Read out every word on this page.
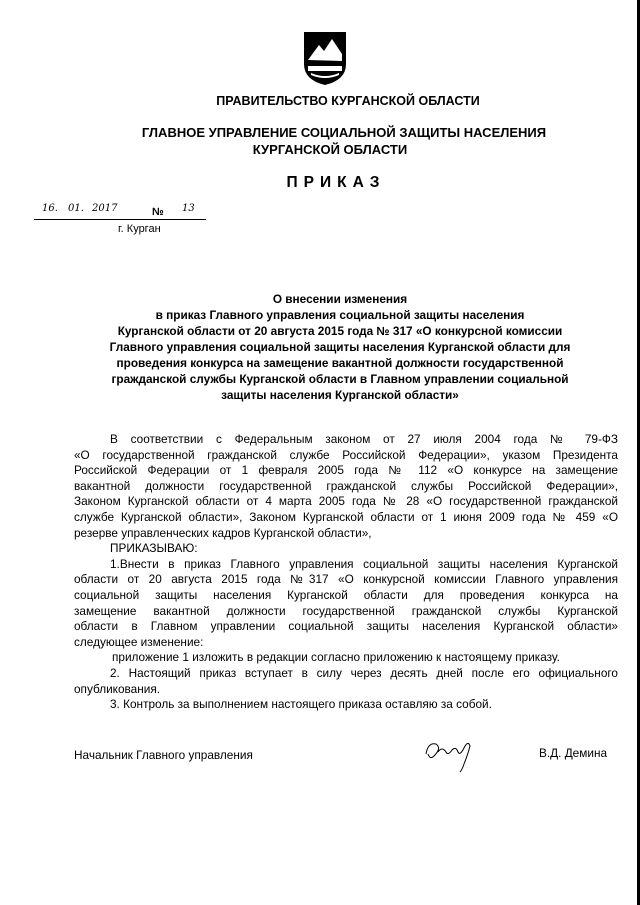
ПРАВИТЕЛЬСТВО КУРГАНСКОЙ ОБЛАСТИ
ГЛАВНОЕ УПРАВЛЕНИЕ СОЦИАЛЬНОЙ ЗАЩИТЫ НАСЕЛЕНИЯ
КУРГАНСКОЙ ОБЛАСТИ
ПРИКАЗ
16. 01. 2017	№ 13
г. Курган
О внесении изменения
в приказ Главного управления социальной защиты населения
Курганской области от 20 августа 2015 года № 317 «О конкурсной комиссии
Главного управления социальной защиты населения Курганской области для
проведения конкурса на замещение вакантной должности государственной
гражданской службы Курганской области в Главном управлении социальной
защиты населения Курганской области»

В соответствии с Федеральным законом от 27 июля 2004 года № 79-ФЗ

«О государственной гражданской службе Российской Федерации», указом Президента

Российской Федерации от 1 февраля 2005 года № 112 «О конкурсе на замещение

вакантной должности государственной гражданской службы Российской Федерации»,

Законом Курганской области от 4 марта 2005 года № 28 «О государственной гражданской

службе Курганской области», Законом Курганской области от 1 июня 2009 года № 459 «О

резерве управленческих кадров Курганской области»,

ПРИКАЗЫВАЮ:

1.Внести в приказ Главного управления социальной защиты населения Курганской

области от 20 августа 2015 года №317 «О конкурсной комиссии Главного управления

социальной защиты населения Курганской области для проведения конкурса на

замещение вакантной должности государственной гражданской службы Курганской

области в Главном управлении социальной защиты населения Курганской области»

следующее изменение:

приложение 1 изложить в редакции согласно приложению к настоящему приказу.

2. Настоящий приказ вступает в силу через десять дней после его официального

опубликования.

3. Контроль за выполнением настоящего приказа оставляю за собой.

Начальник Главного управления	В.Д. Демина
